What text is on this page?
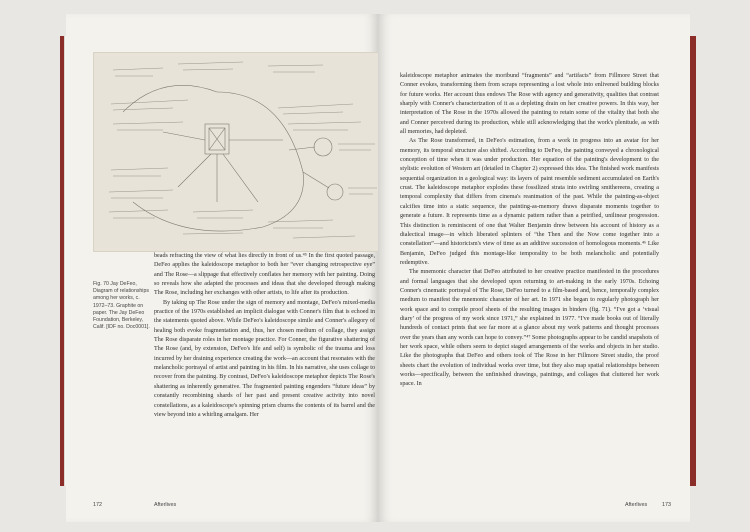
Fig. 70 Jay DeFeo, Diagram of relationships among her works, c. 1972–73. Graphite on paper. The Jay DeFeo Foundation, Berkeley, Calif. [IDF no. Doc0001].

beads refracting the view of what lies directly in front of us.⁴⁵ In the first quoted passage, DeFeo applies the kaleidoscope metaphor to both her “ever changing retrospective eye” and The Rose—a slippage that effectively conflates her memory with her painting. Doing so reveals how she adapted the processes and ideas that she developed through making The Rose, including her exchanges with other artists, to life after its production.

By taking up The Rose under the sign of memory and montage, DeFeo's mixed-media practice of the 1970s established an implicit dialogue with Conner's film that is echoed in the statements quoted above. While DeFeo's kaleidoscope simile and Conner's allegory of healing both evoke fragmentation and, thus, her chosen medium of collage, they assign The Rose disparate roles in her montage practice. For Conner, the figurative shattering of The Rose (and, by extension, DeFeo's life and self) is symbolic of the trauma and loss incurred by her draining experience creating the work—an account that resonates with the melancholic portrayal of artist and painting in his film. In his narrative, she uses collage to recover from the painting. By contrast, DeFeo's kaleidoscope metaphor depicts The Rose's shattering as inherently generative. The fragmented painting engenders “future ideas” by constantly recombining shards of her past and present creative activity into novel constellations, as a kaleidoscope's spinning prism churns the contents of its barrel and the view beyond into a whirling amalgam. Her

172	Afterlives

kaleidoscope metaphor animates the moribund “fragments” and “artifacts” from Fillmore Street that Conner evokes, transforming them from scraps representing a lost whole into enlivened building blocks for future works. Her account thus endows The Rose with agency and generativity, qualities that contrast sharply with Conner's characterization of it as a depleting drain on her creative powers. In this way, her interpretation of The Rose in the 1970s allowed the painting to retain some of the vitality that both she and Conner perceived during its production, while still acknowledging that the work's plenitude, as with all memories, had depleted.

As The Rose transformed, in DeFeo's estimation, from a work in progress into an avatar for her memory, its temporal structure also shifted. According to DeFeo, the painting conveyed a chronological conception of time when it was under production. Her equation of the painting's development to the stylistic evolution of Western art (detailed in Chapter 2) expressed this idea. The finished work manifests sequential organization in a geological way: its layers of paint resemble sediment accumulated on Earth's crust. The kaleidoscope metaphor explodes these fossilized strata into swirling smithereens, creating a temporal complexity that differs from cinema's reanimation of the past. While the painting-as-object calcifies time into a static sequence, the painting-as-memory draws disparate moments together to generate a future. It represents time as a dynamic pattern rather than a petrified, unilinear progression. This distinction is reminiscent of one that Walter Benjamin drew between his account of history as a dialectical image—in which liberated splinters of “the Then and the Now come together into a constellation”—and historicism's view of time as an additive succession of homologous moments.⁴⁶ Like Benjamin, DeFeo judged this montage-like temporality to be both melancholic and potentially redemptive.

The mnemonic character that DeFeo attributed to her creative practice manifested in the procedures and formal languages that she developed upon returning to art-making in the early 1970s. Echoing Conner's cinematic portrayal of The Rose, DeFeo turned to a film-based and, hence, temporally complex medium to manifest the mnemonic character of her art. In 1971 she began to regularly photograph her work space and to compile proof sheets of the resulting images in binders (fig. 71). “I've got a ‘visual diary’ of the progress of my work since 1971,” she explained in 1977. “I've made books out of literally hundreds of contact prints that see far more at a glance about my work patterns and thought processes over the years than any words can hope to convey.”⁴⁷ Some photographs appear to be candid snapshots of her work space, while others seem to depict staged arrangements of the works and objects in her studio. Like the photographs that DeFeo and others took of The Rose in her Fillmore Street studio, the proof sheets chart the evolution of individual works over time, but they also map spatial relationships between works—specifically, between the unfinished drawings, paintings, and collages that cluttered her work space. In

Afterlives	173
